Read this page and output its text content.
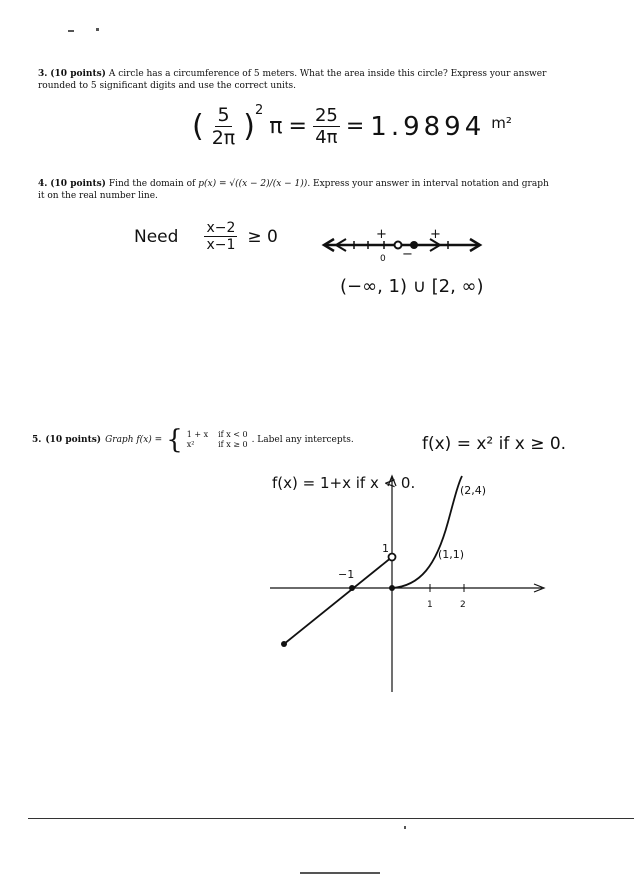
3. (10 points) A circle has a circumference of 5 meters. What the area inside this circle? Express your answer rounded to 5 significant digits and use the correct units.
( $\frac{5}{2\pi} )^2$
$\pi = \frac{25}{4\pi} = 1.9894$ m²
4. (10 points) Find the domain of p(x) = √((x − 2)/(x − 1)). Express your answer in interval notation and graph it on the real number line.
Need $\frac{x-2}{x-1} \ge 0$	+
−
+
0
(−∞, 1) ∪ [2, ∞)
5. (10 points) Graph f(x) = { 1 + x if x < 0
x²	if x ≥ 0 . Label any intercepts.	f(x) = x² if x ≥ 0.
f(x) = 1+x if x < 0.
1	2
1
−1
(1,1)
(2,4)
